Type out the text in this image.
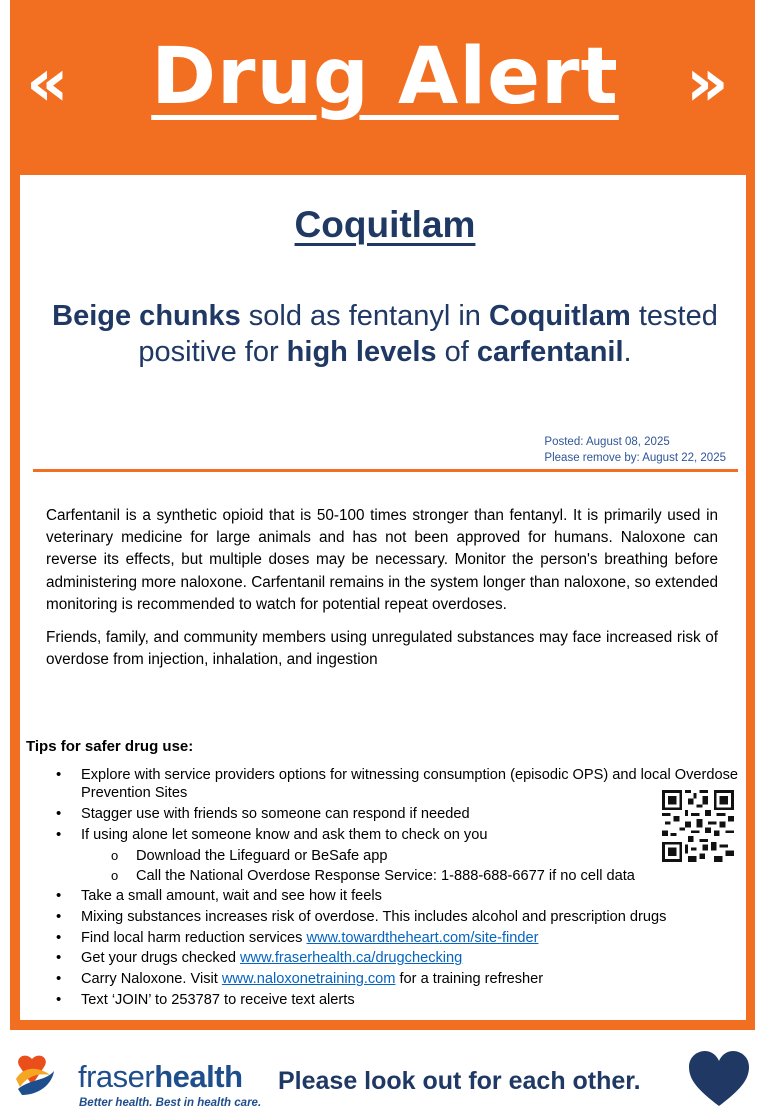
«	Drug Alert	»
Coquitlam
Beige chunks sold as fentanyl in Coquitlam tested positive for high levels of carfentanil.
Posted: August 08, 2025
Please remove by: August 22, 2025

Carfentanil is a synthetic opioid that is 50-100 times stronger than fentanyl. It is primarily used in veterinary medicine for large animals and has not been approved for humans. Naloxone can reverse its effects, but multiple doses may be necessary. Monitor the person's breathing before administering more naloxone. Carfentanil remains in the system longer than naloxone, so extended monitoring is recommended to watch for potential repeat overdoses.

Friends, family, and community members using unregulated substances may face increased risk of overdose from injection, inhalation, and ingestion

Tips for safer drug use:
• Explore with service providers options for witnessing consumption (episodic OPS) and local Overdose Prevention Sites
• Stagger use with friends so someone can respond if needed
• If using alone let someone know and ask them to check on you
o Download the Lifeguard or BeSafe app
o Call the National Overdose Response Service: 1-888-688-6677 if no cell data
• Take a small amount, wait and see how it feels
• Mixing substances increases risk of overdose. This includes alcohol and prescription drugs
• Find local harm reduction services www.towardtheheart.com/site-finder
• Get your drugs checked www.fraserhealth.ca/drugchecking
• Carry Naloxone. Visit www.naloxonetraining.com for a training refresher
• Text ‘JOIN’ to 253787 to receive text alerts
fraserhealth
Better health. Best in health care.
Please look out for each other.
